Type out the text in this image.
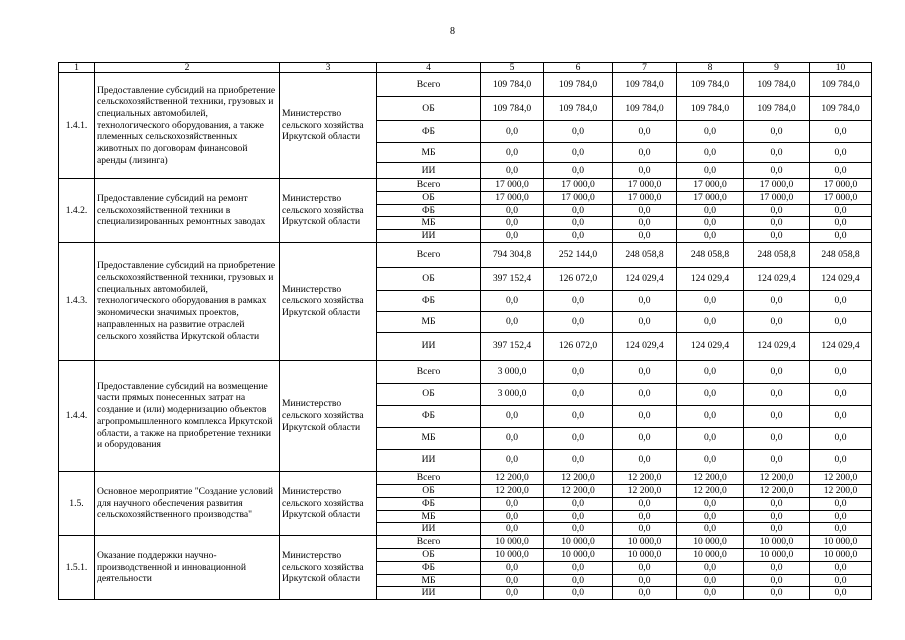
8
1	2	3	4	5	6	7	8	9	10
1.4.1.	Предоставление субсидий на приобретение сельскохозяйственной техники, грузовых и специальных автомобилей, технологического оборудования, а также племенных сельскохозяйственных животных по договорам финансовой аренды (лизинга)	Министерство сельского хозяйства Иркутской области	Всего	109 784,0	109 784,0	109 784,0	109 784,0	109 784,0	109 784,0
			ОБ	109 784,0	109 784,0	109 784,0	109 784,0	109 784,0	109 784,0
			ФБ	0,0	0,0	0,0	0,0	0,0	0,0
			МБ	0,0	0,0	0,0	0,0	0,0	0,0
			ИИ	0,0	0,0	0,0	0,0	0,0	0,0
1.4.2.	Предоставление субсидий на ремонт сельскохозяйственной техники в специализированных ремонтных заводах	Министерство сельского хозяйства Иркутской области	Всего	17 000,0	17 000,0	17 000,0	17 000,0	17 000,0	17 000,0
			ОБ	17 000,0	17 000,0	17 000,0	17 000,0	17 000,0	17 000,0
			ФБ	0,0	0,0	0,0	0,0	0,0	0,0
			МБ	0,0	0,0	0,0	0,0	0,0	0,0
			ИИ	0,0	0,0	0,0	0,0	0,0	0,0
1.4.3.	Предоставление субсидий на приобретение сельскохозяйственной техники, грузовых и специальных автомобилей, технологического оборудования в рамках экономически значимых проектов, направленных на развитие отраслей сельского хозяйства Иркутской области	Министерство сельского хозяйства Иркутской области	Всего	794 304,8	252 144,0	248 058,8	248 058,8	248 058,8	248 058,8
			ОБ	397 152,4	126 072,0	124 029,4	124 029,4	124 029,4	124 029,4
			ФБ	0,0	0,0	0,0	0,0	0,0	0,0
			МБ	0,0	0,0	0,0	0,0	0,0	0,0
			ИИ	397 152,4	126 072,0	124 029,4	124 029,4	124 029,4	124 029,4
1.4.4.	Предоставление субсидий на возмещение части прямых понесенных затрат на создание и (или) модернизацию объектов агропромышленного комплекса Иркутской области, а также на приобретение техники и оборудования	Министерство сельского хозяйства Иркутской области	Всего	3 000,0	0,0	0,0	0,0	0,0	0,0
			ОБ	3 000,0	0,0	0,0	0,0	0,0	0,0
			ФБ	0,0	0,0	0,0	0,0	0,0	0,0
			МБ	0,0	0,0	0,0	0,0	0,0	0,0
			ИИ	0,0	0,0	0,0	0,0	0,0	0,0
1.5.	Основное мероприятие "Создание условий для научного обеспечения развития сельскохозяйственного производства"	Министерство сельского хозяйства Иркутской области	Всего	12 200,0	12 200,0	12 200,0	12 200,0	12 200,0	12 200,0
			ОБ	12 200,0	12 200,0	12 200,0	12 200,0	12 200,0	12 200,0
			ФБ	0,0	0,0	0,0	0,0	0,0	0,0
			МБ	0,0	0,0	0,0	0,0	0,0	0,0
			ИИ	0,0	0,0	0,0	0,0	0,0	0,0
1.5.1.	Оказание поддержки научно-производственной и инновационной деятельности	Министерство сельского хозяйства Иркутской области	Всего	10 000,0	10 000,0	10 000,0	10 000,0	10 000,0	10 000,0
			ОБ	10 000,0	10 000,0	10 000,0	10 000,0	10 000,0	10 000,0
			ФБ	0,0	0,0	0,0	0,0	0,0	0,0
			МБ	0,0	0,0	0,0	0,0	0,0	0,0
			ИИ	0,0	0,0	0,0	0,0	0,0	0,0
